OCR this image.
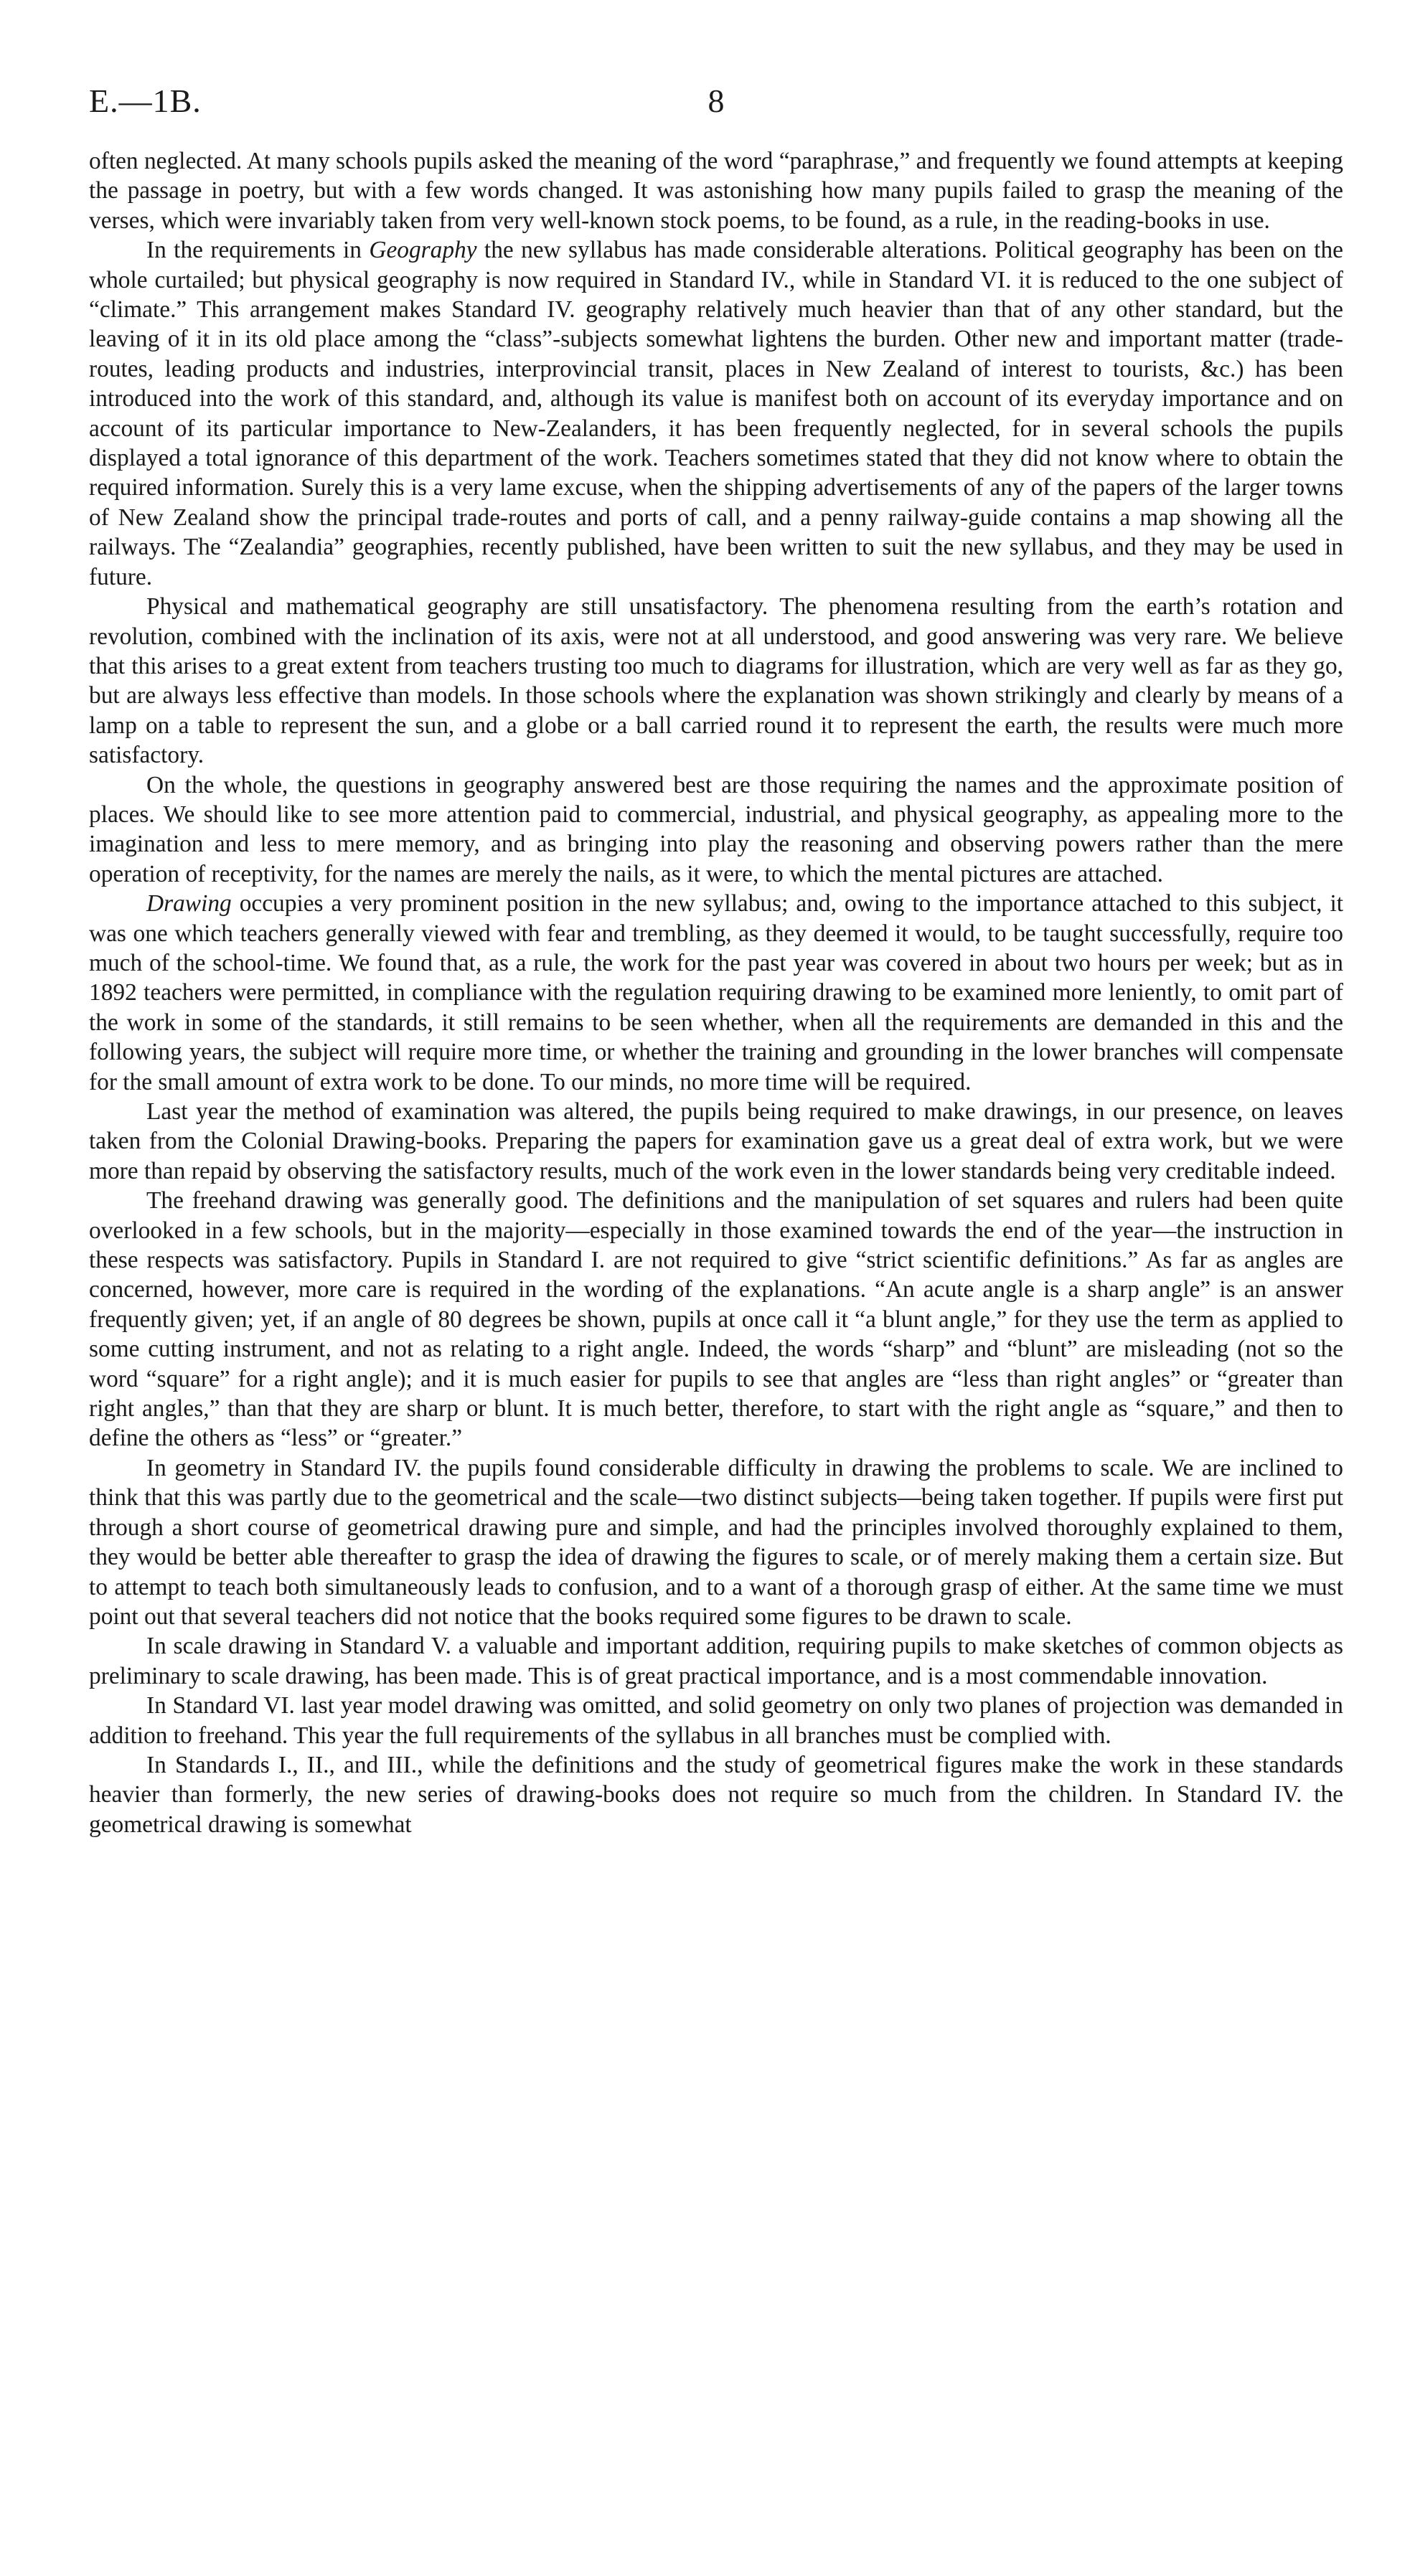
E.—1B.	8

often neglected. At many schools pupils asked the meaning of the word “paraphrase,” and frequently we found attempts at keeping the passage in poetry, but with a few words changed. It was astonishing how many pupils failed to grasp the meaning of the verses, which were invariably taken from very well-known stock poems, to be found, as a rule, in the reading-books in use.

In the requirements in Geography the new syllabus has made considerable alterations. Political geography has been on the whole curtailed; but physical geography is now required in Standard IV., while in Standard VI. it is reduced to the one subject of “climate.” This arrangement makes Standard IV. geography relatively much heavier than that of any other standard, but the leaving of it in its old place among the “class”-subjects somewhat lightens the burden. Other new and important matter (trade-routes, leading products and industries, interprovincial transit, places in New Zealand of interest to tourists, &c.) has been introduced into the work of this standard, and, although its value is manifest both on account of its everyday importance and on account of its particular importance to New-Zealanders, it has been frequently neglected, for in several schools the pupils displayed a total ignorance of this department of the work. Teachers sometimes stated that they did not know where to obtain the required information. Surely this is a very lame excuse, when the shipping advertisements of any of the papers of the larger towns of New Zealand show the principal trade-routes and ports of call, and a penny railway-guide contains a map showing all the railways. The “Zealandia” geographies, recently published, have been written to suit the new syllabus, and they may be used in future.

Physical and mathematical geography are still unsatisfactory. The phenomena resulting from the earth’s rotation and revolution, combined with the inclination of its axis, were not at all understood, and good answering was very rare. We believe that this arises to a great extent from teachers trusting too much to diagrams for illustration, which are very well as far as they go, but are always less effective than models. In those schools where the explanation was shown strikingly and clearly by means of a lamp on a table to represent the sun, and a globe or a ball carried round it to represent the earth, the results were much more satisfactory.

On the whole, the questions in geography answered best are those requiring the names and the approximate position of places. We should like to see more attention paid to commercial, industrial, and physical geography, as appealing more to the imagination and less to mere memory, and as bringing into play the reasoning and observing powers rather than the mere operation of receptivity, for the names are merely the nails, as it were, to which the mental pictures are attached.

Drawing occupies a very prominent position in the new syllabus; and, owing to the importance attached to this subject, it was one which teachers generally viewed with fear and trembling, as they deemed it would, to be taught successfully, require too much of the school-time. We found that, as a rule, the work for the past year was covered in about two hours per week; but as in 1892 teachers were permitted, in compliance with the regulation requiring drawing to be examined more leniently, to omit part of the work in some of the standards, it still remains to be seen whether, when all the requirements are demanded in this and the following years, the subject will require more time, or whether the training and grounding in the lower branches will compensate for the small amount of extra work to be done. To our minds, no more time will be required.

Last year the method of examination was altered, the pupils being required to make drawings, in our presence, on leaves taken from the Colonial Drawing-books. Preparing the papers for examination gave us a great deal of extra work, but we were more than repaid by observing the satisfactory results, much of the work even in the lower standards being very creditable indeed.

The freehand drawing was generally good. The definitions and the manipulation of set squares and rulers had been quite overlooked in a few schools, but in the majority—especially in those examined towards the end of the year—the instruction in these respects was satisfactory. Pupils in Standard I. are not required to give “strict scientific definitions.” As far as angles are concerned, however, more care is required in the wording of the explanations. “An acute angle is a sharp angle” is an answer frequently given; yet, if an angle of 80 degrees be shown, pupils at once call it “a blunt angle,” for they use the term as applied to some cutting instrument, and not as relating to a right angle. Indeed, the words “sharp” and “blunt” are misleading (not so the word “square” for a right angle); and it is much easier for pupils to see that angles are “less than right angles” or “greater than right angles,” than that they are sharp or blunt. It is much better, therefore, to start with the right angle as “square,” and then to define the others as “less” or “greater.”

In geometry in Standard IV. the pupils found considerable difficulty in drawing the problems to scale. We are inclined to think that this was partly due to the geometrical and the scale—two distinct subjects—being taken together. If pupils were first put through a short course of geometrical drawing pure and simple, and had the principles involved thoroughly explained to them, they would be better able thereafter to grasp the idea of drawing the figures to scale, or of merely making them a certain size. But to attempt to teach both simultaneously leads to confusion, and to a want of a thorough grasp of either. At the same time we must point out that several teachers did not notice that the books required some figures to be drawn to scale.

In scale drawing in Standard V. a valuable and important addition, requiring pupils to make sketches of common objects as preliminary to scale drawing, has been made. This is of great practical importance, and is a most commendable innovation.

In Standard VI. last year model drawing was omitted, and solid geometry on only two planes of projection was demanded in addition to freehand. This year the full requirements of the syllabus in all branches must be complied with.

In Standards I., II., and III., while the definitions and the study of geometrical figures make the work in these standards heavier than formerly, the new series of drawing-books does not require so much from the children. In Standard IV. the geometrical drawing is somewhat
